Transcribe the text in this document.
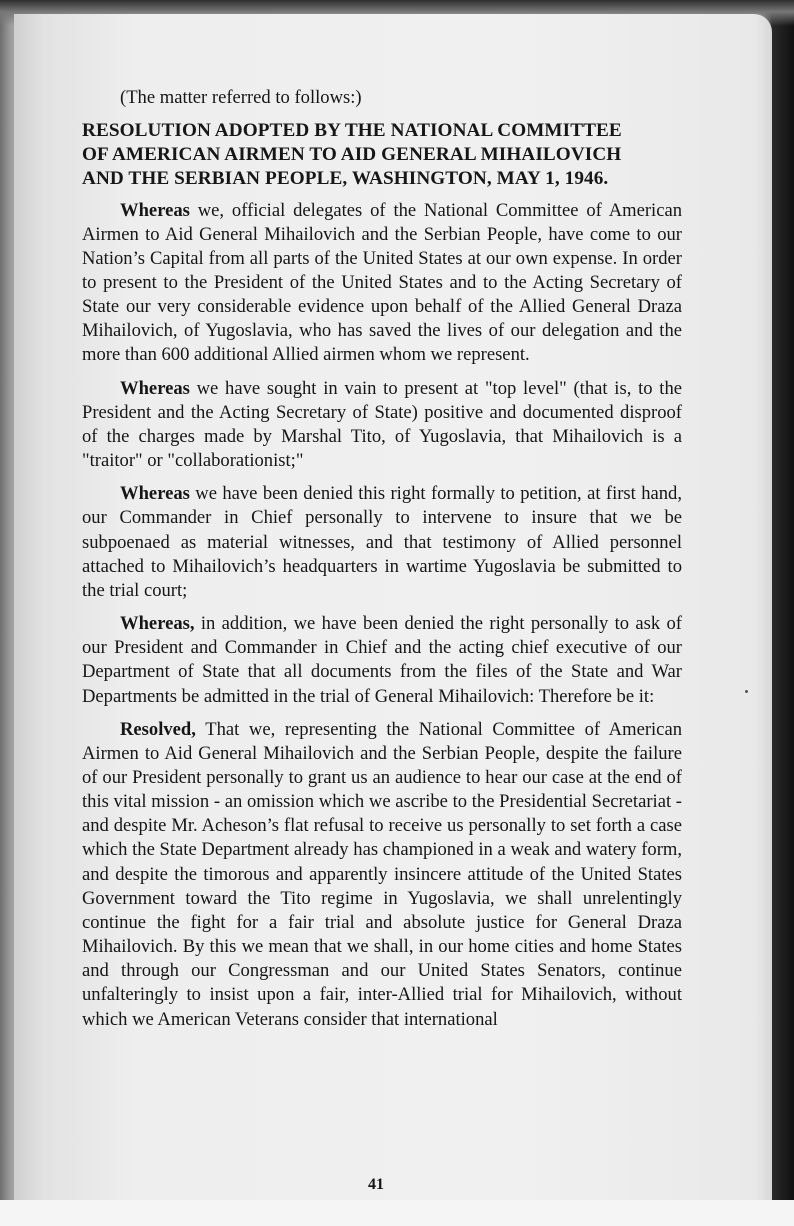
(The matter referred to follows:)

RESOLUTION ADOPTED BY THE NATIONAL COMMITTEE
OF AMERICAN AIRMEN TO AID GENERAL MIHAILOVICH
AND THE SERBIAN PEOPLE, WASHINGTON, MAY 1, 1946.

Whereas we, official delegates of the National Committee of American Airmen to Aid General Mihailovich and the Serbian People, have come to our Nation’s Capital from all parts of the United States at our own expense. In order to present to the President of the United States and to the Acting Secretary of State our very considerable evidence upon behalf of the Allied General Draza Mihailovich, of Yugoslavia, who has saved the lives of our delegation and the more than 600 additional Allied airmen whom we represent.

Whereas we have sought in vain to present at "top level" (that is, to the President and the Acting Secretary of State) positive and documented disproof of the charges made by Marshal Tito, of Yugoslavia, that Mihailovich is a "traitor" or "collaborationist;"

Whereas we have been denied this right formally to petition, at first hand, our Commander in Chief personally to intervene to insure that we be subpoenaed as material witnesses, and that testimony of Allied personnel attached to Mihailovich’s headquarters in wartime Yugoslavia be submitted to the trial court;

Whereas, in addition, we have been denied the right personally to ask of our President and Commander in Chief and the acting chief executive of our Department of State that all documents from the files of the State and War Departments be admitted in the trial of General Mihailovich: Therefore be it:

Resolved, That we, representing the National Committee of American Airmen to Aid General Mihailovich and the Serbian People, despite the failure of our President personally to grant us an audience to hear our case at the end of this vital mission - an omission which we ascribe to the Presidential Secretariat - and despite Mr. Acheson’s flat refusal to receive us personally to set forth a case which the State Department already has championed in a weak and watery form, and despite the timorous and apparently insincere attitude of the United States Government toward the Tito regime in Yugoslavia, we shall unrelentingly continue the fight for a fair trial and absolute justice for General Draza Mihailovich. By this we mean that we shall, in our home cities and home States and through our Congressman and our United States Senators, continue unfalteringly to insist upon a fair, inter-Allied trial for Mihailovich, without which we American Veterans consider that international

41
